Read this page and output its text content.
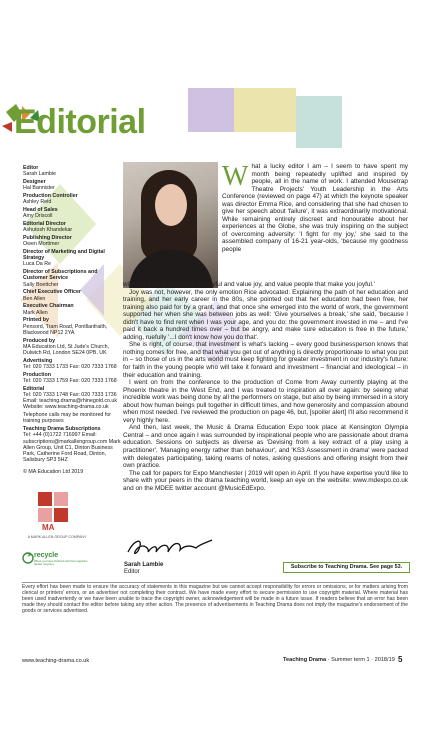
Editorial
Editor
Sarah Lambie
Designer
Hal Bannister
Production Controller
Ashley Reid
Head of Sales
Amy Driscoll
Editorial Director
Ashutosh Khandekar
Publishing Director
Owen Mortimer
Director of Marketing and Digital Strategy
Luca Da Re
Director of Subscriptions and Customer Service
Sally Boettcher
Chief Executive Officer
Ben Allen
Executive Chairman
Mark Allen
Printed by
Pensord, Tram Road, Pontllanfraith, Blackwood NP12 2YA
Produced by
MA Education Ltd, St Jude's Church, Dulwich Rd, London SE24 0PB, UK
Advertising
Tel: 020 7333 1733 Fax: 020 7333 1768
Production
Tel: 020 7333 1759 Fax: 020 7333 1768
Editorial
Tel: 020 7333 1748 Fax: 020 7333 1736 Email: teaching.drama@rhinegold.co.uk Website: www.teaching-drama.co.uk
Telephone calls may be monitored for training purposes
Teaching Drama Subscriptions
Tel: +44 (0)1722 716997 Email: subscriptions@markallengroup.com Mark Allen Group, Unit C1, Dinton Business Park, Catherine Ford Road, Dinton, Salisbury SP3 5HZ
© MA Education Ltd 2019
What a lucky editor I am – I seem to have spent my month being repeatedly uplifted and inspired by people, all in the name of work. I attended Mousetrap Theatre Projects' Youth Leadership in the Arts Conference (reviewed on page 47) at which the keynote speaker was director Emma Rice, and considering that she had chosen to give her speech about 'failure', it was extraordinarily motivational. While remaining entirely discreet and honourable about her experiences at the Globe, she was truly inspiring on the subject of overcoming adversity: 'I fight for my joy,' she said to the assembled company of 16-21 year-olds, 'because my goodness people

will take it away from you. Be joyful and value joy, and value people that make you joyful.'

Joy was not, however, the only emotion Rice advocated. Explaining the path of her education and training, and her early career in the 80s, she pointed out that her education had been free, her training also paid for by a grant, and that once she emerged into the world of work, the government supported her when she was between jobs as well: 'Give yourselves a break,' she said, 'because I didn't have to find rent when I was your age, and you do: the government invested in me – and I've paid it back a hundred times over – but be angry, and make sure education is free in the future,' adding, ruefully '...I don't know how you do that'.

She is right, of course, that investment is what's lacking – every good businessperson knows that nothing comes for free, and that what you get out of anything is directly proportionate to what you put in – so those of us in the arts world must keep fighting for greater investment in our industry's future: for faith in the young people who will take it forward and investment – financial and ideological – in their education and training.

I went on from the conference to the production of Come from Away currently playing at the Phoenix theatre in the West End, and I was treated to inspiration all over again: by seeing what incredible work was being done by all the performers on stage, but also by being immersed in a story about how human beings pull together in difficult times, and how generosity and compassion abound when most needed. I've reviewed the production on page 46, but, [spoiler alert] I'll also recommend it very highly here.

And then, last week, the Music & Drama Education Expo took place at Kensington Olympia Central – and once again I was surrounded by inspirational people who are passionate about drama education. Sessions on subjects as diverse as 'Devising from a key extract of a play using a practitioner', 'Managing energy rather than behaviour', and 'KS3 Assessment in drama' were packed with delegates participating, taking reams of notes, asking questions and offering insight from their own practice.

The call for papers for Expo Manchester | 2019 will open in April. If you have expertise you'd like to share with your peers in the drama teaching world, keep an eye on the website: www.mdexpo.co.uk and on the MDEE twitter account @MusicEdExpo.

Sarah Lambie
Editor
Subscribe to Teaching Drama. See page 53.
MA
A MARK ALLEN GROUP COMPANY
recycle
When you have finished with this magazine please recycle it.
Every effort has been made to ensure the accuracy of statements in this magazine but we cannot accept responsibility for errors or omissions, or for matters arising from clerical or printers' errors, or an advertiser not completing their contract. We have made every effort to secure permission to use copyright material. Where material has been used inadvertently or we have been unable to trace the copyright owner, acknowledgement will be made in a future issue. If readers believe that an error has been made they should contact the editor before taking any other action. The presence of advertisements in Teaching Drama does not imply the magazine's endorsement of the goods or services advertised.
www.teaching-drama.co.uk	Teaching Drama · Summer term 1 · 2018/19 5
